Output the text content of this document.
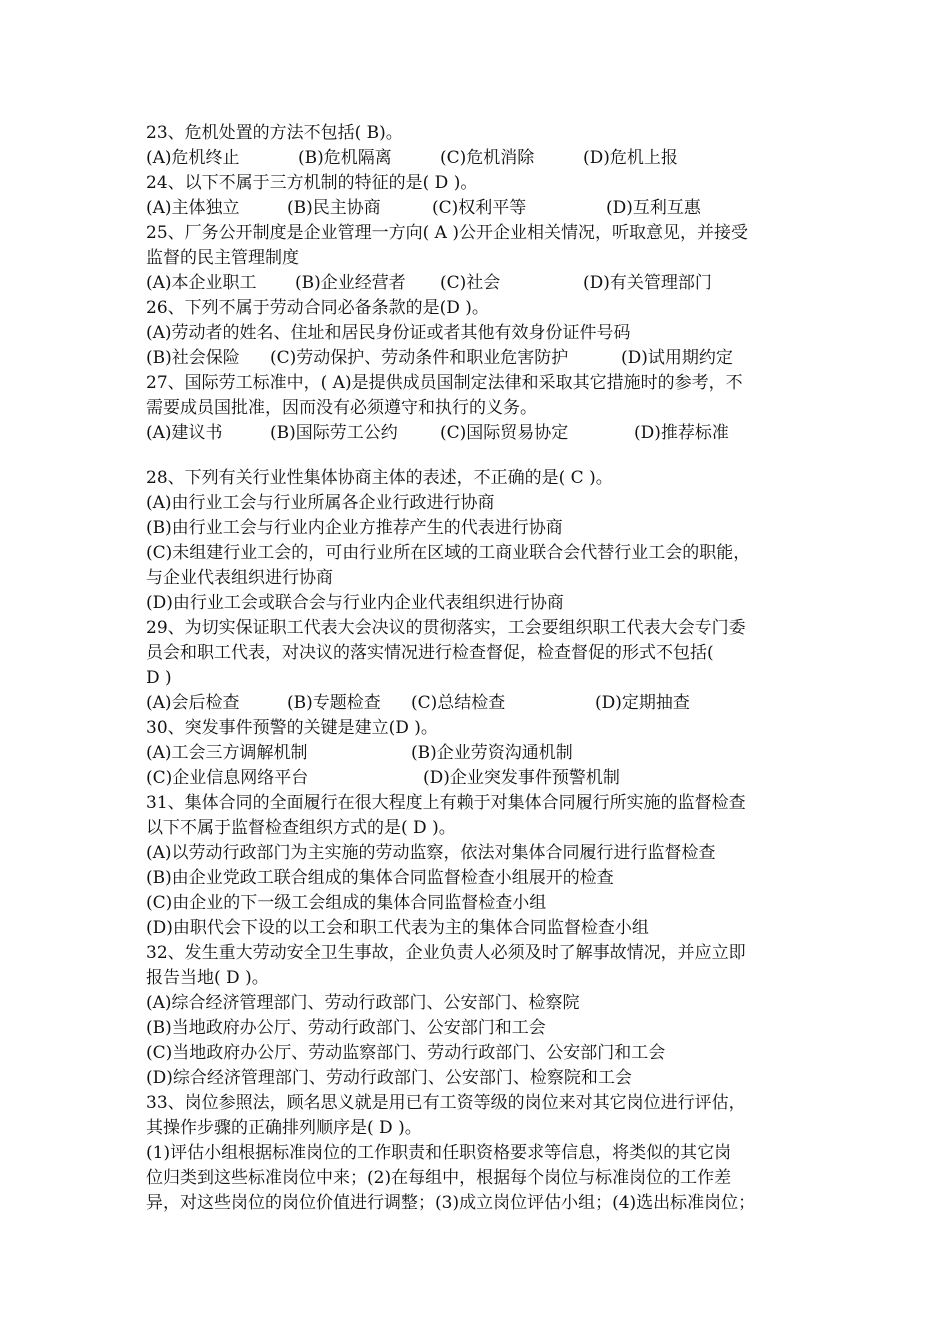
23、危机处置的方法不包括( B)。
(A)危机终止	(B)危机隔离	(C)危机消除	(D)危机上报
24、以下不属于三方机制的特征的是( D )。
(A)主体独立	(B)民主协商	(C)权利平等	(D)互利互惠
25、厂务公开制度是企业管理一方向( A )公开企业相关情况，听取意见，并接受
监督的民主管理制度
(A)本企业职工 (B)企业经营者 (C)社会	(D)有关管理部门
26、下列不属于劳动合同必备条款的是(D )。
(A)劳动者的姓名、住址和居民身份证或者其他有效身份证件号码
(B)社会保险 (C)劳动保护、劳动条件和职业危害防护	(D)试用期约定
27、国际劳工标准中，( A)是提供成员国制定法律和采取其它措施时的参考，不
需要成员国批准，因而没有必须遵守和执行的义务。
(A)建议书	(B)国际劳工公约 (C)国际贸易协定	(D)推荐标准
28、下列有关行业性集体协商主体的表述，不正确的是( C )。
(A)由行业工会与行业所属各企业行政进行协商
(B)由行业工会与行业内企业方推荐产生的代表进行协商
(C)未组建行业工会的，可由行业所在区域的工商业联合会代替行业工会的职能，
与企业代表组织进行协商
(D)由行业工会或联合会与行业内企业代表组织进行协商
29、为切实保证职工代表大会决议的贯彻落实，工会要组织职工代表大会专门委
员会和职工代表，对决议的落实情况进行检查督促，检查督促的形式不包括(
D )
(A)会后检查	(B)专题检查 (C)总结检查	(D)定期抽查
30、突发事件预警的关键是建立(D )。
(A)工会三方调解机制	(B)企业劳资沟通机制
(C)企业信息网络平台	(D)企业突发事件预警机制
31、集体合同的全面履行在很大程度上有赖于对集体合同履行所实施的监督检查
以下不属于监督检查组织方式的是( D )。
(A)以劳动行政部门为主实施的劳动监察，依法对集体合同履行进行监督检查
(B)由企业党政工联合组成的集体合同监督检查小组展开的检查
(C)由企业的下一级工会组成的集体合同监督检查小组
(D)由职代会下设的以工会和职工代表为主的集体合同监督检查小组
32、发生重大劳动安全卫生事故，企业负责人必须及时了解事故情况，并应立即
报告当地( D )。
(A)综合经济管理部门、劳动行政部门、公安部门、检察院
(B)当地政府办公厅、劳动行政部门、公安部门和工会
(C)当地政府办公厅、劳动监察部门、劳动行政部门、公安部门和工会
(D)综合经济管理部门、劳动行政部门、公安部门、检察院和工会
33、岗位参照法，顾名思义就是用已有工资等级的岗位来对其它岗位进行评估，
其操作步骤的正确排列顺序是( D )。
(1)评估小组根据标准岗位的工作职责和任职资格要求等信息，将类似的其它岗
位归类到这些标准岗位中来；(2)在每组中，根据每个岗位与标准岗位的工作差
异，对这些岗位的岗位价值进行调整；(3)成立岗位评估小组；(4)选出标准岗位；
